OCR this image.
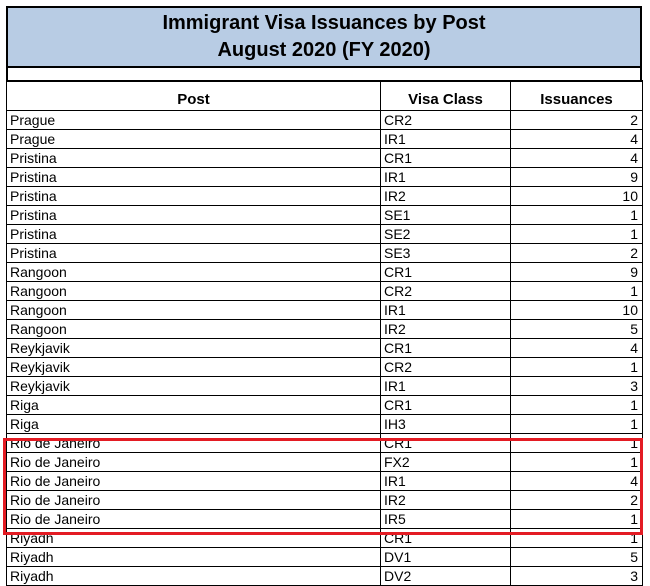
Immigrant Visa Issuances by Post
August 2020 (FY 2020)
Post	Visa Class	Issuances
Prague	CR2	2
Prague	IR1	4
Pristina	CR1	4
Pristina	IR1	9
Pristina	IR2	10
Pristina	SE1	1
Pristina	SE2	1
Pristina	SE3	2
Rangoon	CR1	9
Rangoon	CR2	1
Rangoon	IR1	10
Rangoon	IR2	5
Reykjavik	CR1	4
Reykjavik	CR2	1
Reykjavik	IR1	3
Riga	CR1	1
Riga	IH3	1
Rio de Janeiro	CR1	1
Rio de Janeiro	FX2	1
Rio de Janeiro	IR1	4
Rio de Janeiro	IR2	2
Rio de Janeiro	IR5	1
Riyadh	CR1	1
Riyadh	DV1	5
Riyadh	DV2	3
